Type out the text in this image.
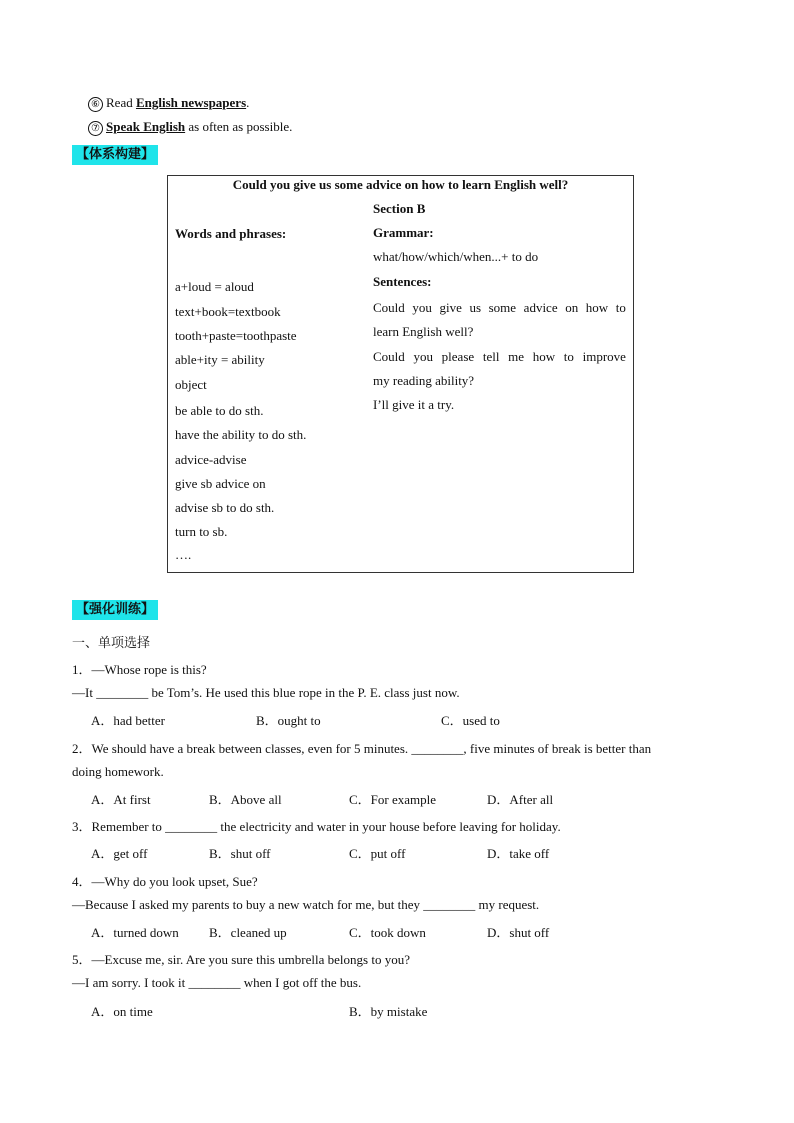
⑥ Read English newspapers.
⑦ Speak English as often as possible.
【体系构建】
Could you give us some advice on how to learn English well?
Section B
Words and phrases:	Grammar:
what/how/which/when...+ to do
Sentences:
a+loud = aloud
text+book=textbook
tooth+paste=toothpaste
able+ity = ability
object
be able to do sth.
have the ability to do sth.
advice-advise
give sb advice on
advise sb to do sth.
turn to sb.
….
Could you give us some advice on how to
learn English well?
Could you please tell me how to improve
my reading ability?
I’ll give it a try.
【强化训练】
一、单项选择
1．—Whose rope is this?
—It ________ be Tom’s. He used this blue rope in the P. E. class just now.
A．had better	B．ought to	C．used to
2．We should have a break between classes, even for 5 minutes. ________, five minutes of break is better than
doing homework.
A．At first	B．Above all	C．For example	D．After all
3．Remember to ________ the electricity and water in your house before leaving for holiday.
A．get off	B．shut off	C．put off	D．take off
4．—Why do you look upset, Sue?
—Because I asked my parents to buy a new watch for me, but they ________ my request.
A．turned down B．cleaned up	C．took down	D．shut off
5．—Excuse me, sir. Are you sure this umbrella belongs to you?
—I am sorry. I took it ________ when I got off the bus.
A．on time	B．by mistake
